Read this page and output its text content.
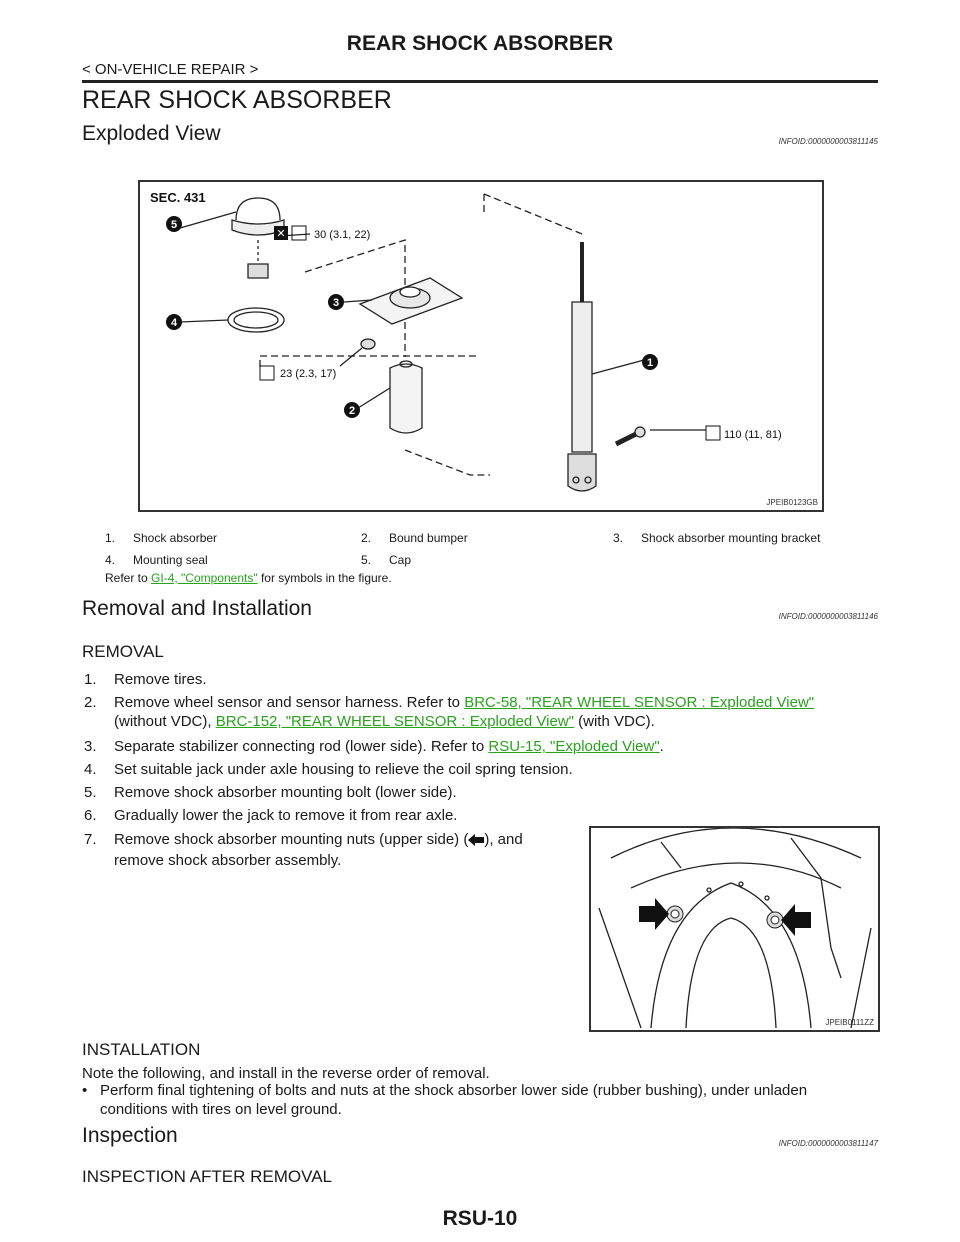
REAR SHOCK ABSORBER
< ON-VEHICLE REPAIR >
REAR SHOCK ABSORBER
Exploded View	INFOID:0000000003811145
SEC. 431
✕	30 (3.1, 22)
23 (2.3, 17)
110 (11, 81)
5
4
3
2
1
JPEIB0123GB
1.	Shock absorber	2.	Bound bumper	3.	Shock absorber mounting bracket
4.	Mounting seal	5.	Cap		
Refer to GI-4, "Components" for symbols in the figure.
Removal and Installation	INFOID:0000000003811146
REMOVAL
1. Remove tires.
2. Remove wheel sensor and sensor harness. Refer to BRC-58, "REAR WHEEL SENSOR : Exploded View"
(without VDC), BRC-152, "REAR WHEEL SENSOR : Exploded View" (with VDC).
3. Separate stabilizer connecting rod (lower side). Refer to RSU-15, "Exploded View".
4. Set suitable jack under axle housing to relieve the coil spring tension.
5. Remove shock absorber mounting bolt (lower side).
6. Gradually lower the jack to remove it from rear axle.
7. Remove shock absorber mounting nuts (upper side) ( ), and
remove shock absorber assembly.
JPEIB0111ZZ
INSTALLATION
Note the following, and install in the reverse order of removal.
• Perform final tightening of bolts and nuts at the shock absorber lower side (rubber bushing), under unladen
conditions with tires on level ground.
Inspection	INFOID:0000000003811147
INSPECTION AFTER REMOVAL
RSU-10
